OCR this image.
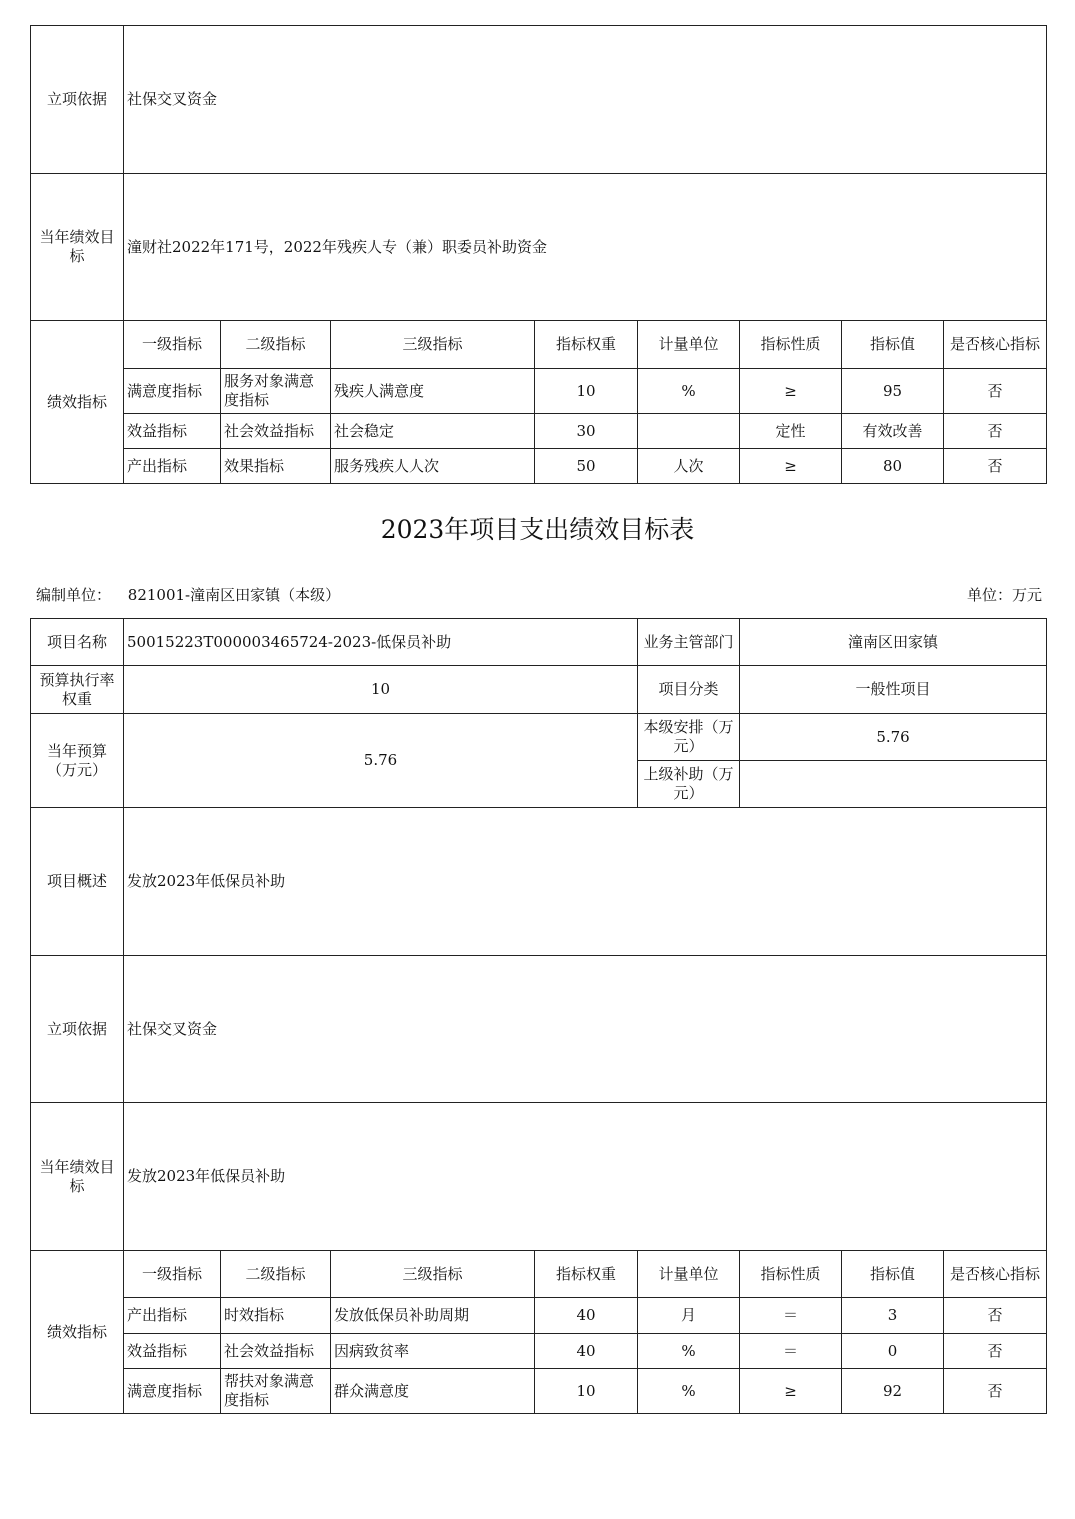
立项依据	社保交叉资金							
当年绩效目标	潼财社2022年171号，2022年残疾人专（兼）职委员补助资金							
绩效指标	一级指标	二级指标	三级指标	指标权重	计量单位	指标性质	指标值	是否核心指标
	满意度指标	服务对象满意度指标	残疾人满意度	10	%	≥	95	否
	效益指标	社会效益指标	社会稳定	30		定性	有效改善	否
	产出指标	效果指标	服务残疾人人次	50	人次	≥	80	否
2023年项目支出绩效目标表
编制单位： 821001-潼南区田家镇（本级）	单位：万元
项目名称	50015223T000003465724-2023-低保员补助				业务主管部门	潼南区田家镇		
预算执行率权重	10				项目分类	一般性项目		
当年预算（万元）	5.76				本级安排（万元）	5.76		
					上级补助（万元）			
项目概述	发放2023年低保员补助							
立项依据	社保交叉资金							
当年绩效目标	发放2023年低保员补助							
绩效指标	一级指标	二级指标	三级指标	指标权重	计量单位	指标性质	指标值	是否核心指标
	产出指标	时效指标	发放低保员补助周期	40	月	＝	3	否
	效益指标	社会效益指标	因病致贫率	40	%	＝	0	否
	满意度指标	帮扶对象满意度指标	群众满意度	10	%	≥	92	否
